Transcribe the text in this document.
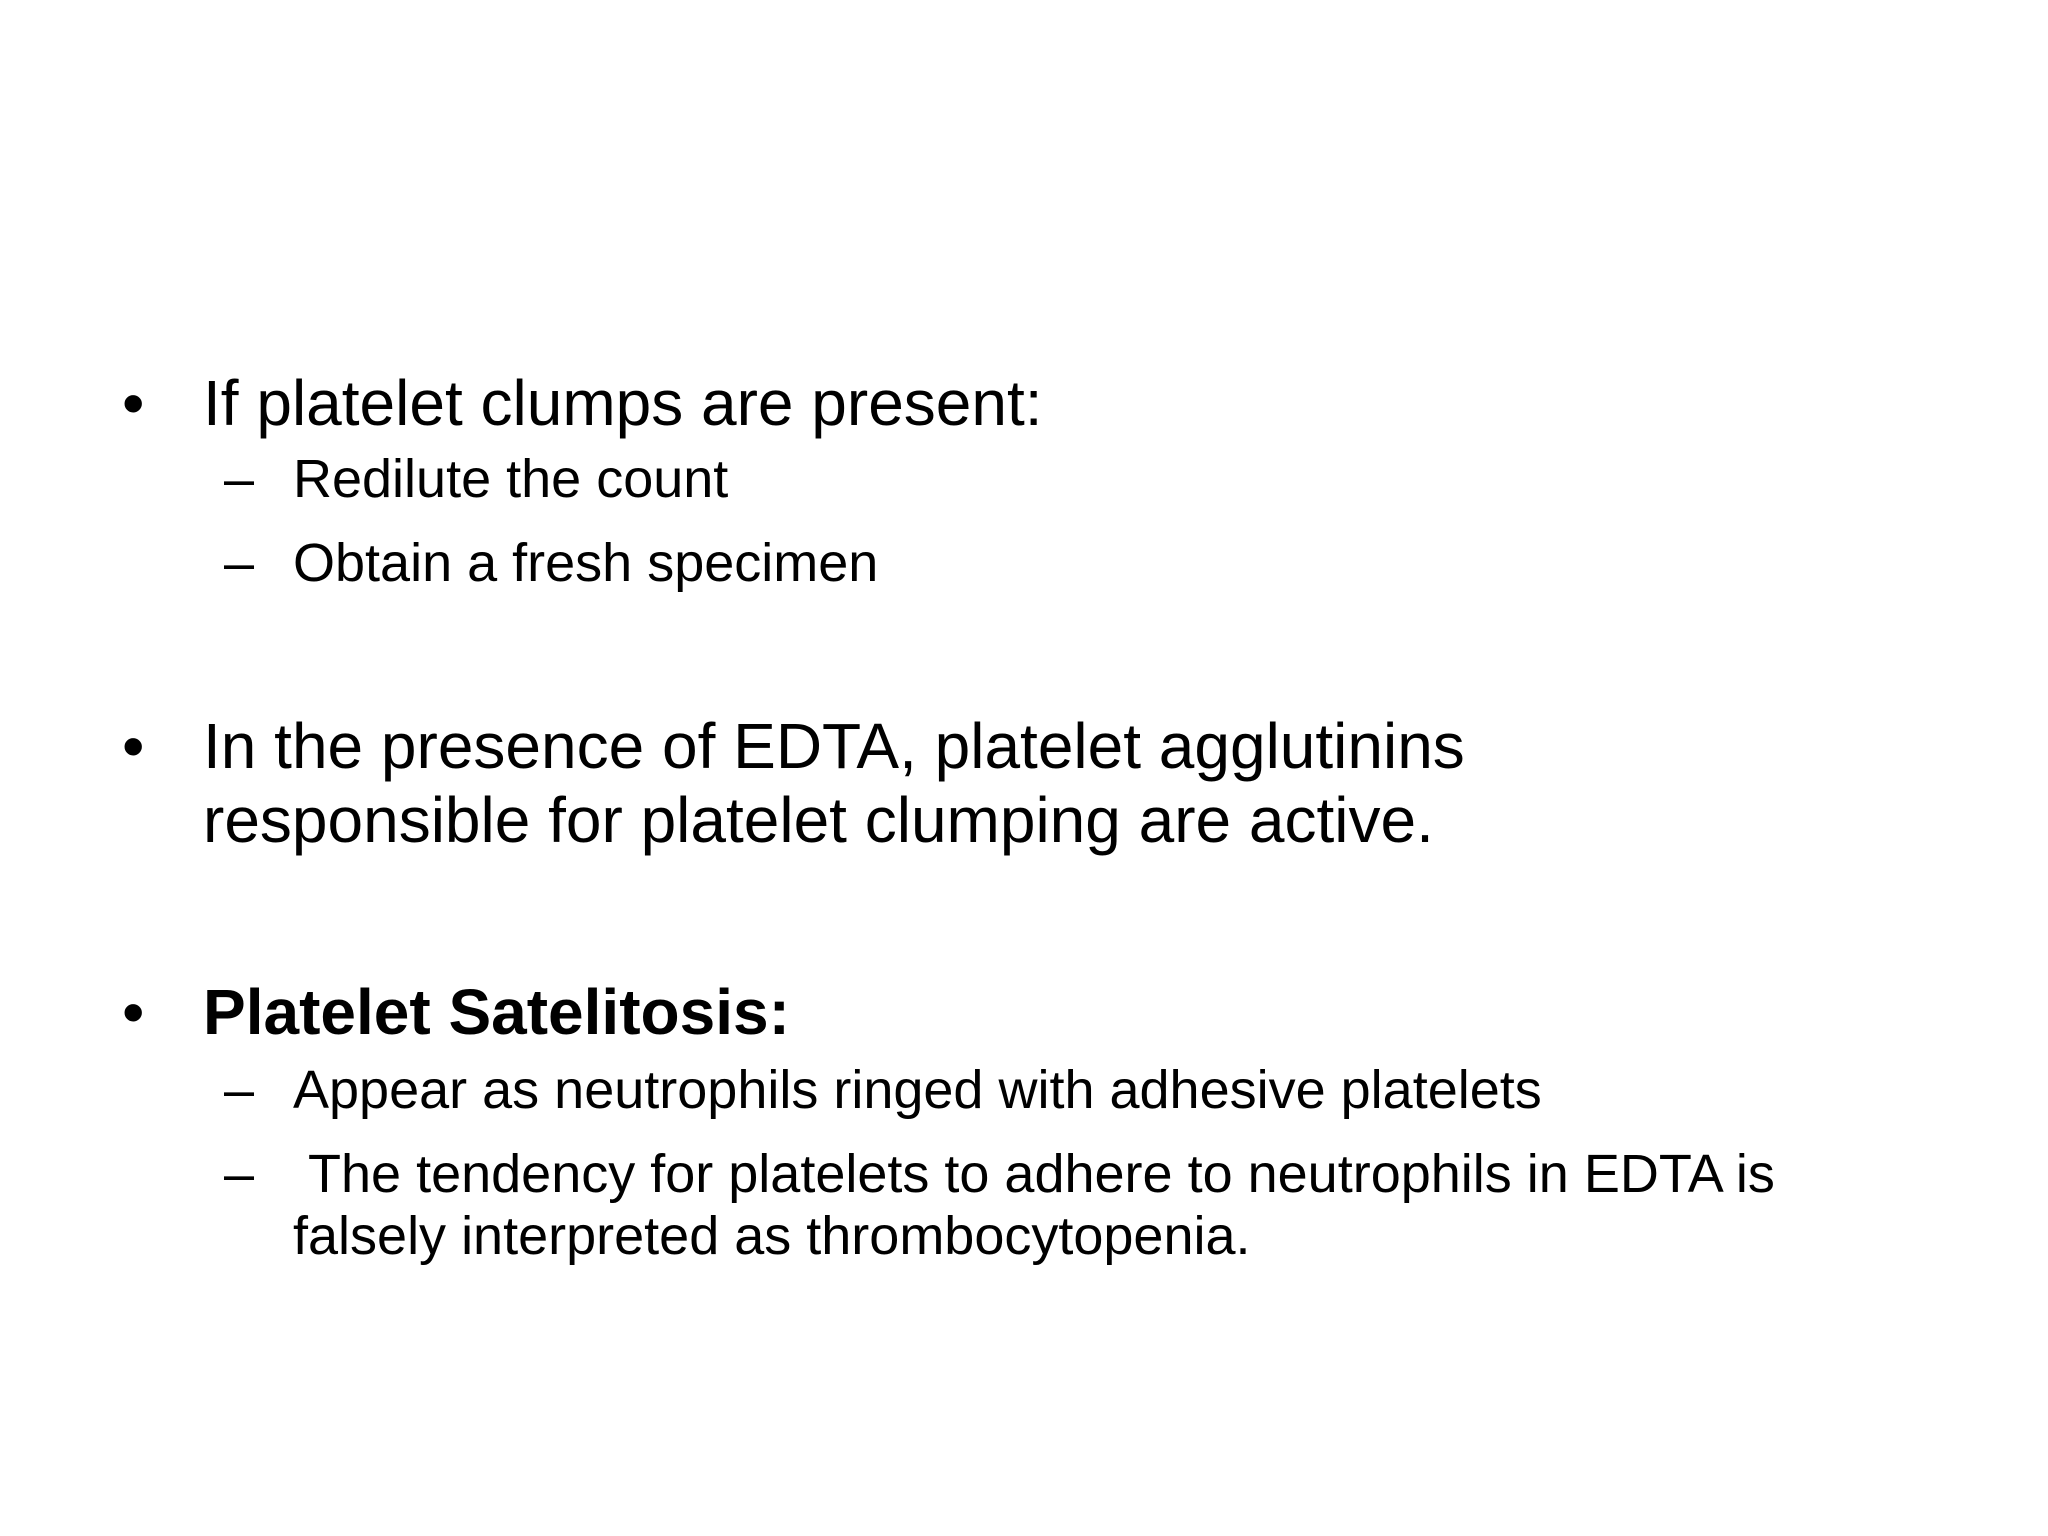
• If platelet clumps are present:
– Redilute the count
– Obtain a fresh specimen
• In the presence of EDTA, platelet agglutinins responsible for platelet clumping are active.
• Platelet Satelitosis:
– Appear as neutrophils ringed with adhesive platelets
– The tendency for platelets to adhere to neutrophils in EDTA is falsely interpreted as thrombocytopenia.
